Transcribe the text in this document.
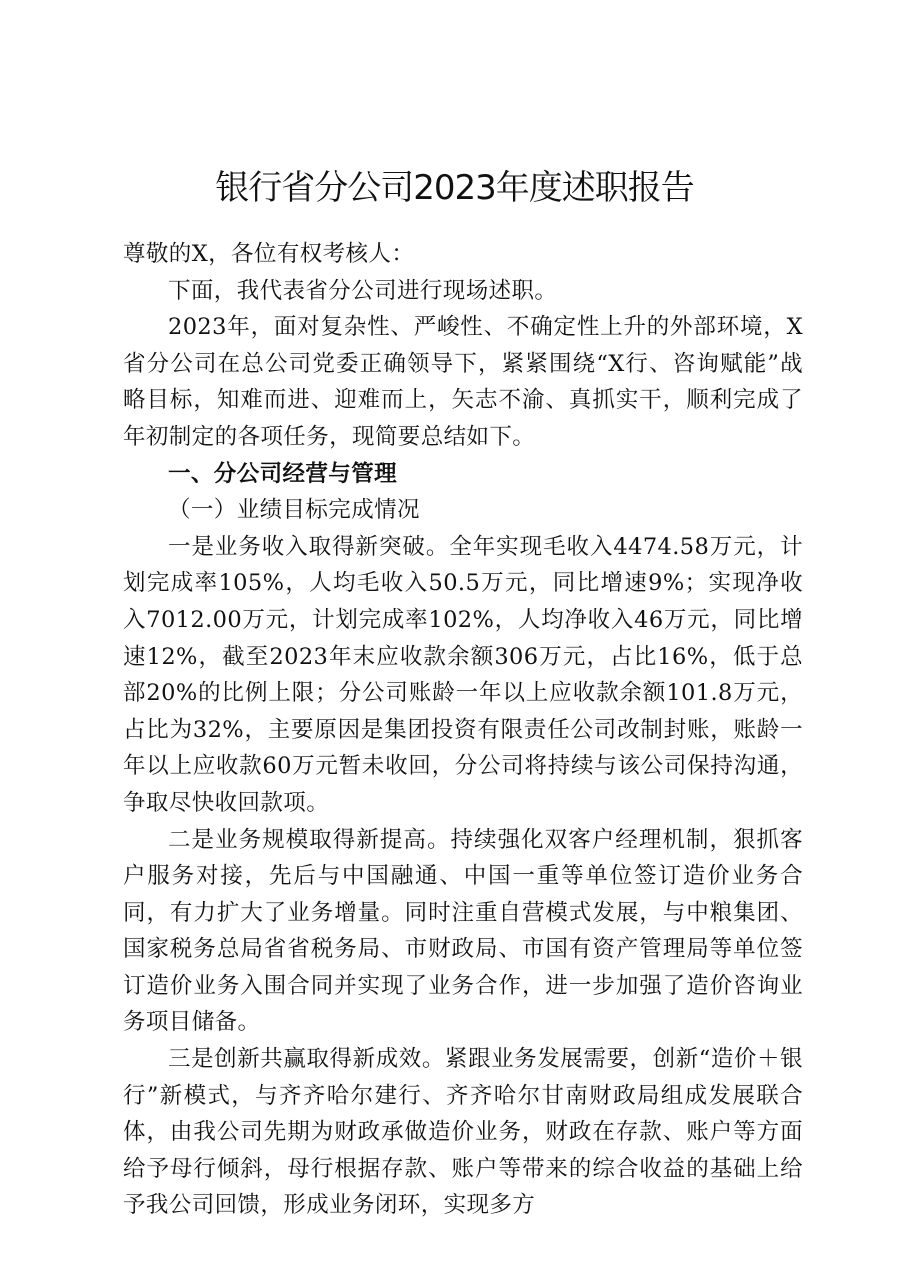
银行省分公司2023年度述职报告

尊敬的X，各位有权考核人：

下面，我代表省分公司进行现场述职。

2023年，面对复杂性、严峻性、不确定性上升的外部环境，X省分公司在总公司党委正确领导下，紧紧围绕“X行、咨询赋能”战略目标，知难而进、迎难而上，矢志不渝、真抓实干，顺利完成了年初制定的各项任务，现简要总结如下。

一、分公司经营与管理

（一）业绩目标完成情况

一是业务收入取得新突破。全年实现毛收入4474.58万元，计划完成率105%，人均毛收入50.5万元，同比增速9%；实现净收入7012.00万元，计划完成率102%，人均净收入46万元，同比增速12%，截至2023年末应收款余额306万元，占比16%，低于总部20%的比例上限；分公司账龄一年以上应收款余额101.8万元，占比为32%，主要原因是集团投资有限责任公司改制封账，账龄一年以上应收款60万元暂未收回，分公司将持续与该公司保持沟通，争取尽快收回款项。

二是业务规模取得新提高。持续强化双客户经理机制，狠抓客户服务对接，先后与中国融通、中国一重等单位签订造价业务合同，有力扩大了业务增量。同时注重自营模式发展，与中粮集团、国家税务总局省省税务局、市财政局、市国有资产管理局等单位签订造价业务入围合同并实现了业务合作，进一步加强了造价咨询业务项目储备。

三是创新共赢取得新成效。紧跟业务发展需要，创新“造价＋银行”新模式，与齐齐哈尔建行、齐齐哈尔甘南财政局组成发展联合体，由我公司先期为财政承做造价业务，财政在存款、账户等方面给予母行倾斜，母行根据存款、账户等带来的综合收益的基础上给予我公司回馈，形成业务闭环，实现多方
